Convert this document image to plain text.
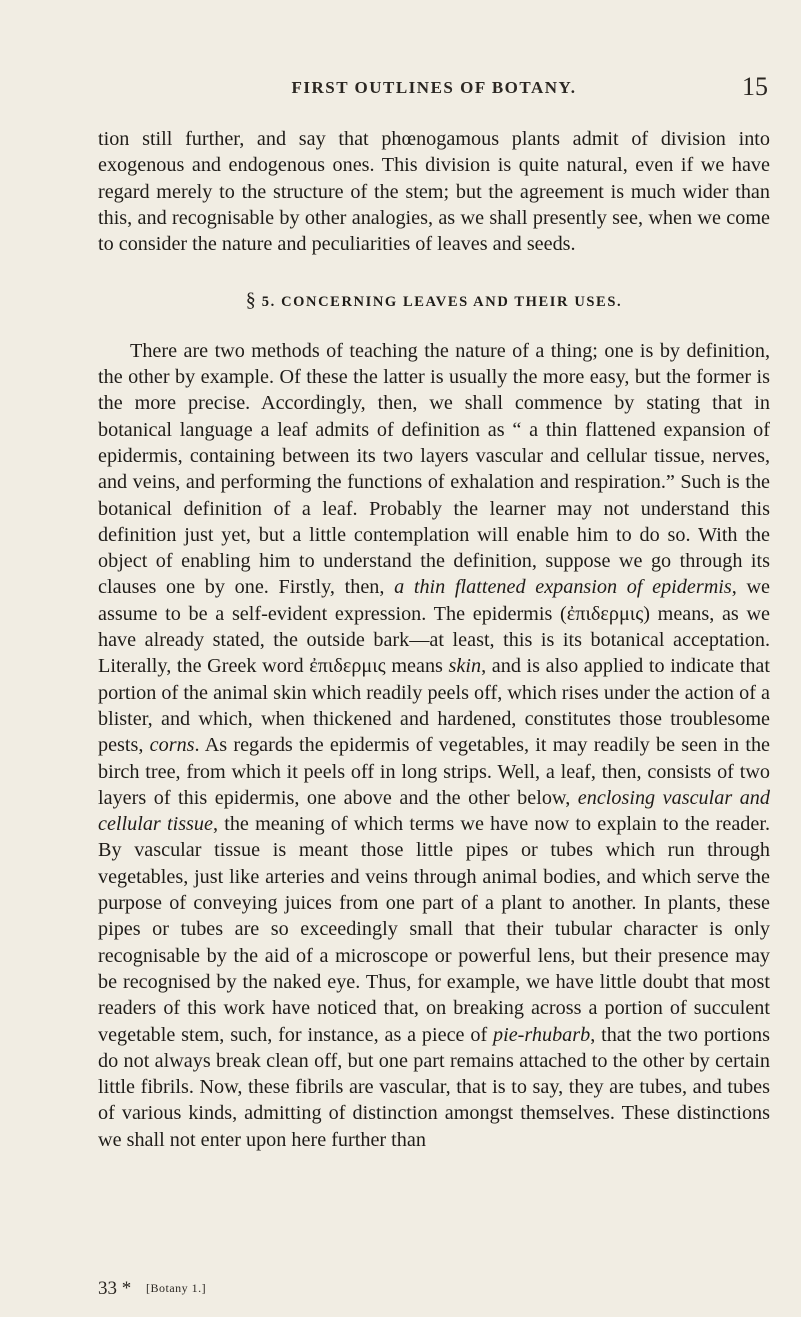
FIRST OUTLINES OF BOTANY.	15

tion still further, and say that phœnogamous plants admit of division into exogenous and endogenous ones. This division is quite natural, even if we have regard merely to the structure of the stem; but the agreement is much wider than this, and recognisable by other analogies, as we shall presently see, when we come to consider the nature and peculiarities of leaves and seeds.

§ 5. CONCERNING LEAVES AND THEIR USES.

There are two methods of teaching the nature of a thing; one is by definition, the other by example. Of these the latter is usually the more easy, but the former is the more precise. Accordingly, then, we shall commence by stating that in botanical language a leaf admits of definition as “ a thin flattened expansion of epidermis, containing between its two layers vascular and cellular tissue, nerves, and veins, and performing the functions of exhalation and respiration.” Such is the botanical definition of a leaf. Probably the learner may not understand this definition just yet, but a little contemplation will enable him to do so. With the object of enabling him to understand the definition, suppose we go through its clauses one by one. Firstly, then, a thin flattened expansion of epidermis, we assume to be a self-evident expression. The epidermis (ἐπιδερμις) means, as we have already stated, the outside bark—at least, this is its botanical acceptation. Literally, the Greek word ἐπιδερμις means skin, and is also applied to indicate that portion of the animal skin which readily peels off, which rises under the action of a blister, and which, when thickened and hardened, constitutes those troublesome pests, corns. As regards the epidermis of vegetables, it may readily be seen in the birch tree, from which it peels off in long strips. Well, a leaf, then, consists of two layers of this epidermis, one above and the other below, enclosing vascular and cellular tissue, the meaning of which terms we have now to explain to the reader. By vascular tissue is meant those little pipes or tubes which run through vegetables, just like arteries and veins through animal bodies, and which serve the purpose of conveying juices from one part of a plant to another. In plants, these pipes or tubes are so exceedingly small that their tubular character is only recognisable by the aid of a microscope or powerful lens, but their presence may be recognised by the naked eye. Thus, for example, we have little doubt that most readers of this work have noticed that, on breaking across a portion of succulent vegetable stem, such, for instance, as a piece of pie-rhubarb, that the two portions do not always break clean off, but one part remains attached to the other by certain little fibrils. Now, these fibrils are vascular, that is to say, they are tubes, and tubes of various kinds, admitting of distinction amongst themselves. These distinctions we shall not enter upon here further than

33 * [Botany 1.]
